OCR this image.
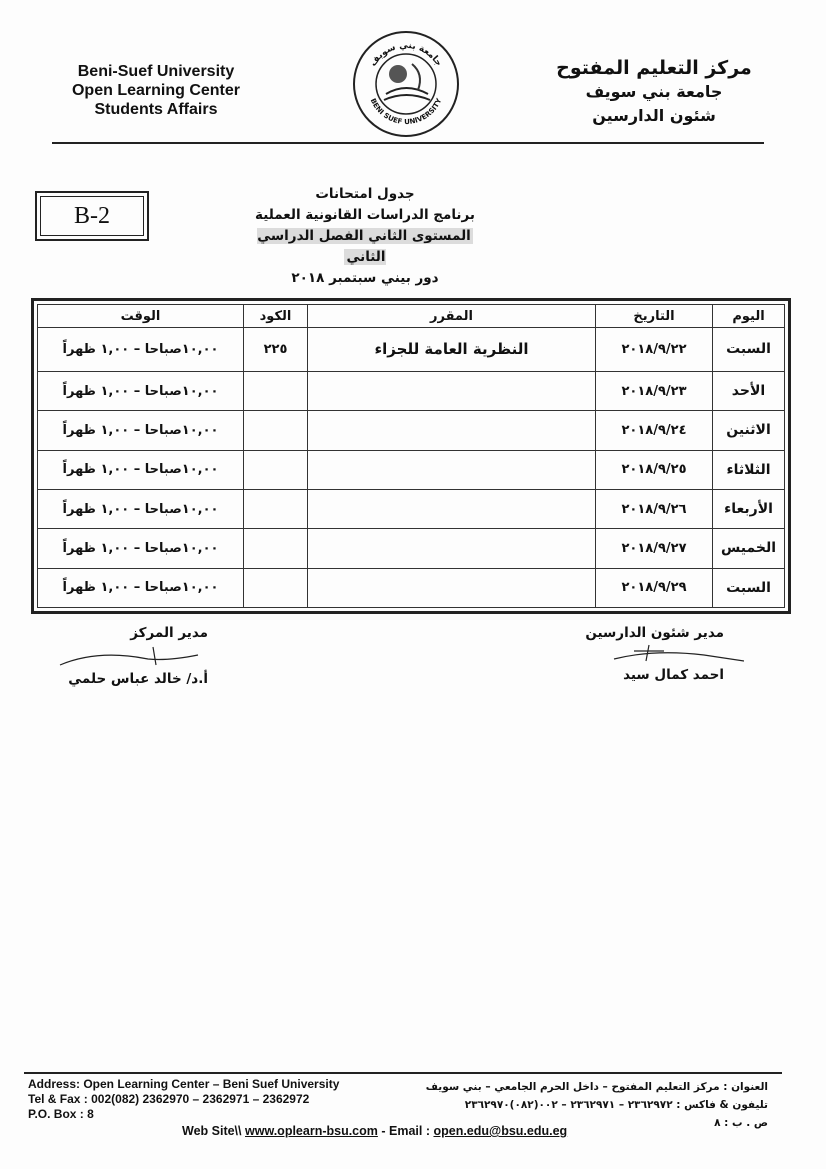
Beni-Suef University
Open Learning Center
Students Affairs
جامعة بني سويف
BENI SUEF UNIVERSITY
مركز التعليم المفتوح
جامعة بني سويف
شئون الدارسين
B-2
جدول امتحانات
برنامج الدراسات القانونية العملية
المستوى الثاني الفصل الدراسي الثاني
دور بيني سبتمبر ٢٠١٨
اليوم	التاريخ	المقرر	الكود	الوقت
السبت	٢٠١٨/٩/٢٢	النظرية العامة للجزاء	٢٢٥	١٠,٠٠صباحا – ١,٠٠ ظهراً
الأحد	٢٠١٨/٩/٢٣			١٠,٠٠صباحا – ١,٠٠ ظهراً
الاثنين	٢٠١٨/٩/٢٤			١٠,٠٠صباحا – ١,٠٠ ظهراً
الثلاثاء	٢٠١٨/٩/٢٥			١٠,٠٠صباحا – ١,٠٠ ظهراً
الأربعاء	٢٠١٨/٩/٢٦			١٠,٠٠صباحا – ١,٠٠ ظهراً
الخميس	٢٠١٨/٩/٢٧			١٠,٠٠صباحا – ١,٠٠ ظهراً
السبت	٢٠١٨/٩/٢٩			١٠,٠٠صباحا – ١,٠٠ ظهراً
مدير شئون الدارسين
احمد كمال سيد
مدير المركز
أ.د/ خالد عباس حلمي
Address: Open Learning Center – Beni Suef University
Tel & Fax : 002(082) 2362970 – 2362971 – 2362972
P.O. Box : 8
العنوان : مركز التعليم المفتوح – داخل الحرم الجامعي – بني سويف
تليفون & فاكس : ٢٣٦٢٩٧٢ – ٢٣٦٢٩٧١ – ٠٠٢(٠٨٢)٢٣٦٢٩٧٠
ص . ب : ٨
Web Site\\ www.oplearn-bsu.com - Email : open.edu@bsu.edu.eg
